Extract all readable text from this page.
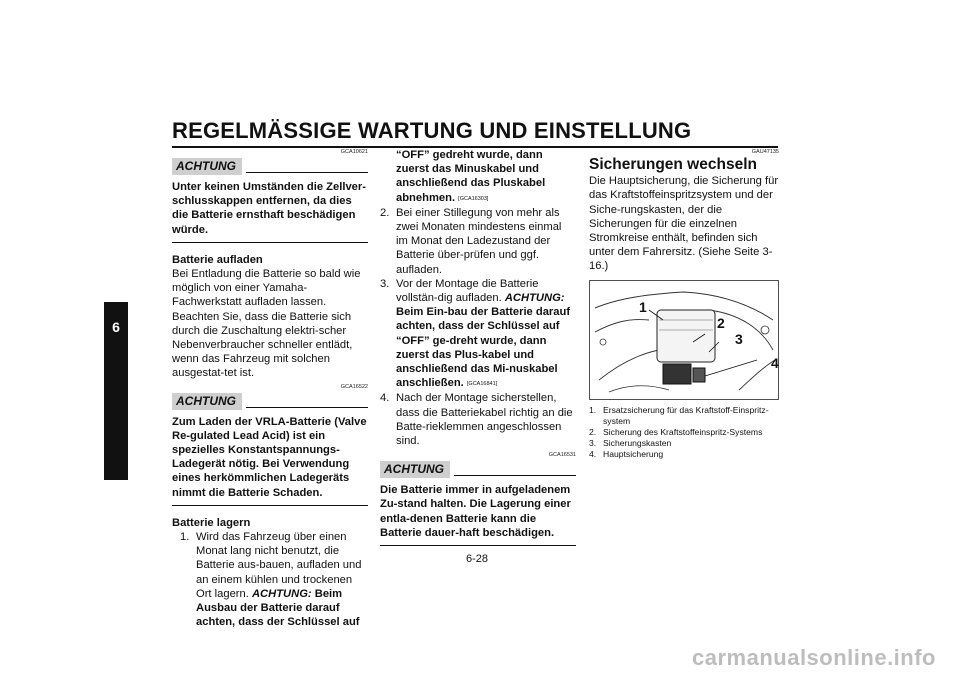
REGELMÄSSIGE WARTUNG UND EINSTELLUNG
6

GCA10621

ACHTUNG

Unter keinen Umständen die Zellver-schlusskappen entfernen, da dies die Batterie ernsthaft beschädigen würde.

Batterie aufladen

Bei Entladung die Batterie so bald wie möglich von einer Yamaha-Fachwerkstatt aufladen lassen. Beachten Sie, dass die Batterie sich durch die Zuschaltung elektri-scher Nebenverbraucher schneller entlädt, wenn das Fahrzeug mit solchen ausgestat-tet ist.

GCA16522

ACHTUNG

Zum Laden der VRLA-Batterie (Valve Re-gulated Lead Acid) ist ein spezielles Konstantspannungs-Ladegerät nötig. Bei Verwendung eines herkömmlichen Ladegeräts nimmt die Batterie Schaden.

Batterie lagern

1. Wird das Fahrzeug über einen Monat lang nicht benutzt, die Batterie aus-bauen, aufladen und an einem kühlen und trockenen Ort lagern. ACHTUNG: Beim Ausbau der Batterie darauf achten, dass der Schlüssel auf
“OFF” gedreht wurde, dann zuerst das Minuskabel und anschließend das Pluskabel abnehmen. [GCA16303]
2. Bei einer Stillegung von mehr als zwei Monaten mindestens einmal im Monat den Ladezustand der Batterie über-prüfen und ggf. aufladen.
3. Vor der Montage die Batterie vollstän-dig aufladen. ACHTUNG: Beim Ein-bau der Batterie darauf achten, dass der Schlüssel auf “OFF” ge-dreht wurde, dann zuerst das Plus-kabel und anschließend das Mi-nuskabel anschließen. [GCA16841]
4. Nach der Montage sicherstellen, dass die Batteriekabel richtig an die Batte-rieklemmen angeschlossen sind.

GCA16531

ACHTUNG

Die Batterie immer in aufgeladenem Zu-stand halten. Die Lagerung einer entla-denen Batterie kann die Batterie dauer-haft beschädigen.

GAU47135

Sicherungen wechseln

Die Hauptsicherung, die Sicherung für das Kraftstoffeinspritzsystem und der Siche-rungskasten, der die Sicherungen für die einzelnen Stromkreise enthält, befinden sich unter dem Fahrersitz. (Siehe Seite 3-16.)

1
2
3
4
1. Ersatzsicherung für das Kraftstoff-Einspritz-system
2. Sicherung des Kraftstoffeinspritz-Systems
3. Sicherungskasten
4. Hauptsicherung
6-28
carmanualsonline.info
